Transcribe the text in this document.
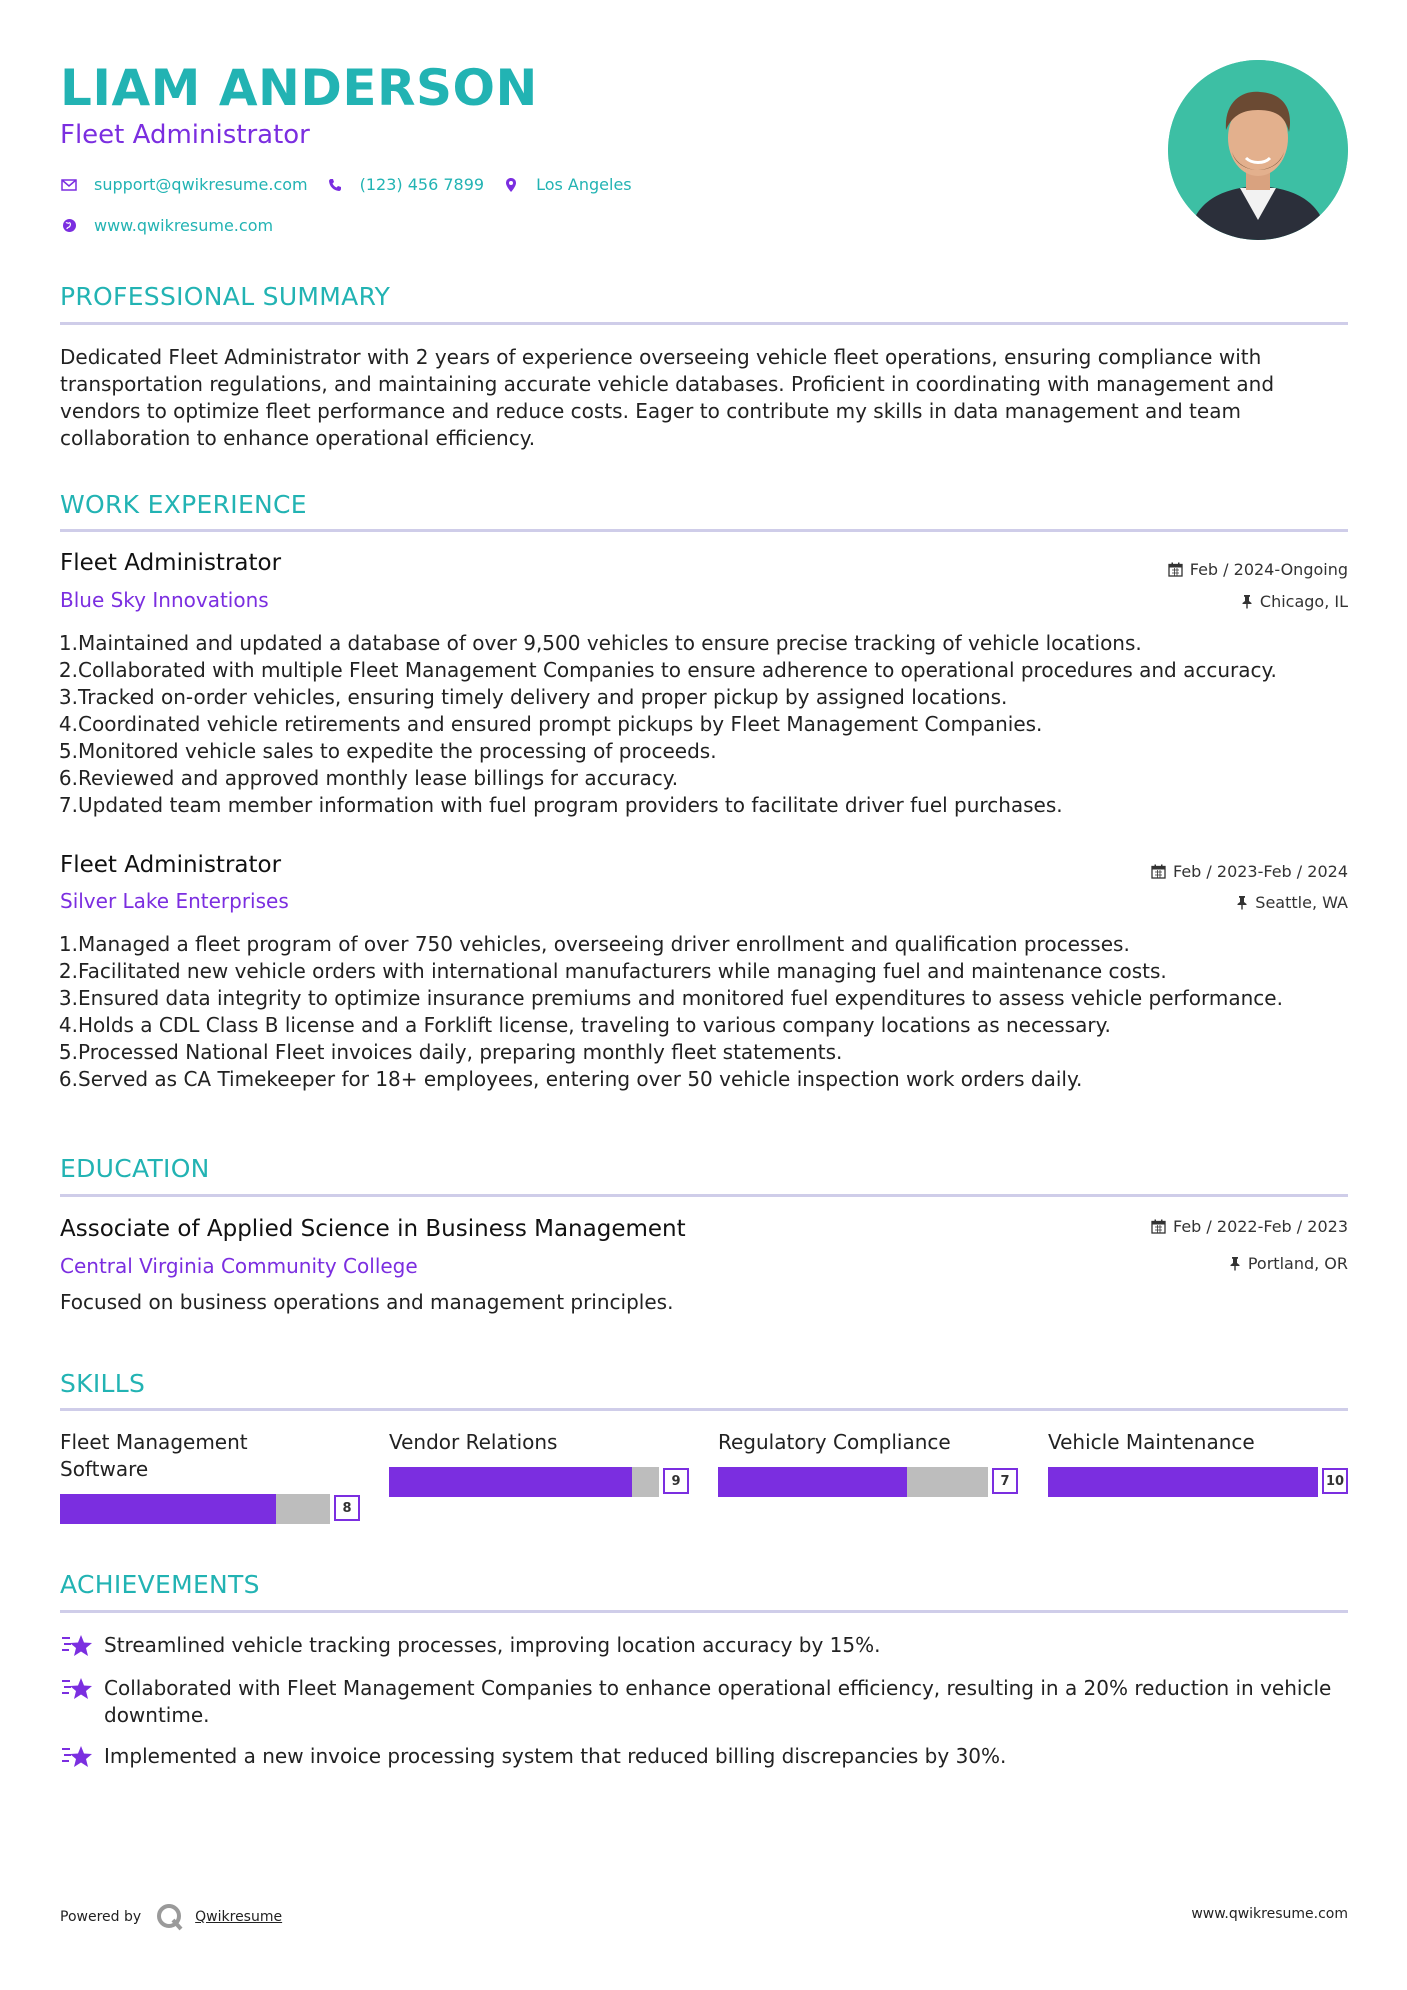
LIAM ANDERSON
Fleet Administrator
support@qwikresume.com	(123) 456 7899	Los Angeles
www.qwikresume.com
PROFESSIONAL SUMMARY
Dedicated Fleet Administrator with 2 years of experience overseeing vehicle fleet operations, ensuring compliance with transportation regulations, and maintaining accurate vehicle databases. Proficient in coordinating with management and vendors to optimize fleet performance and reduce costs. Eager to contribute my skills in data management and team collaboration to enhance operational efficiency.
WORK EXPERIENCE
Fleet Administrator	Feb / 2024-Ongoing
Blue Sky Innovations	Chicago, IL
1. Maintained and updated a database of over 9,500 vehicles to ensure precise tracking of vehicle locations.
2. Collaborated with multiple Fleet Management Companies to ensure adherence to operational procedures and accuracy.
3. Tracked on-order vehicles, ensuring timely delivery and proper pickup by assigned locations.
4. Coordinated vehicle retirements and ensured prompt pickups by Fleet Management Companies.
5. Monitored vehicle sales to expedite the processing of proceeds.
6. Reviewed and approved monthly lease billings for accuracy.
7. Updated team member information with fuel program providers to facilitate driver fuel purchases.
Fleet Administrator	Feb / 2023-Feb / 2024
Silver Lake Enterprises	Seattle, WA
1. Managed a fleet program of over 750 vehicles, overseeing driver enrollment and qualification processes.
2. Facilitated new vehicle orders with international manufacturers while managing fuel and maintenance costs.
3. Ensured data integrity to optimize insurance premiums and monitored fuel expenditures to assess vehicle performance.
4. Holds a CDL Class B license and a Forklift license, traveling to various company locations as necessary.
5. Processed National Fleet invoices daily, preparing monthly fleet statements.
6. Served as CA Timekeeper for 18+ employees, entering over 50 vehicle inspection work orders daily.
EDUCATION
Associate of Applied Science in Business Management	Feb / 2022-Feb / 2023
Central Virginia Community College	Portland, OR
Focused on business operations and management principles.
SKILLS
Fleet Management Software
8
Vendor Relations
9
Regulatory Compliance
7
Vehicle Maintenance
10
ACHIEVEMENTS
Streamlined vehicle tracking processes, improving location accuracy by 15%.
Collaborated with Fleet Management Companies to enhance operational efficiency, resulting in a 20% reduction in vehicle downtime.
Implemented a new invoice processing system that reduced billing discrepancies by 30%.
Powered by	Qwikresume	www.qwikresume.com
